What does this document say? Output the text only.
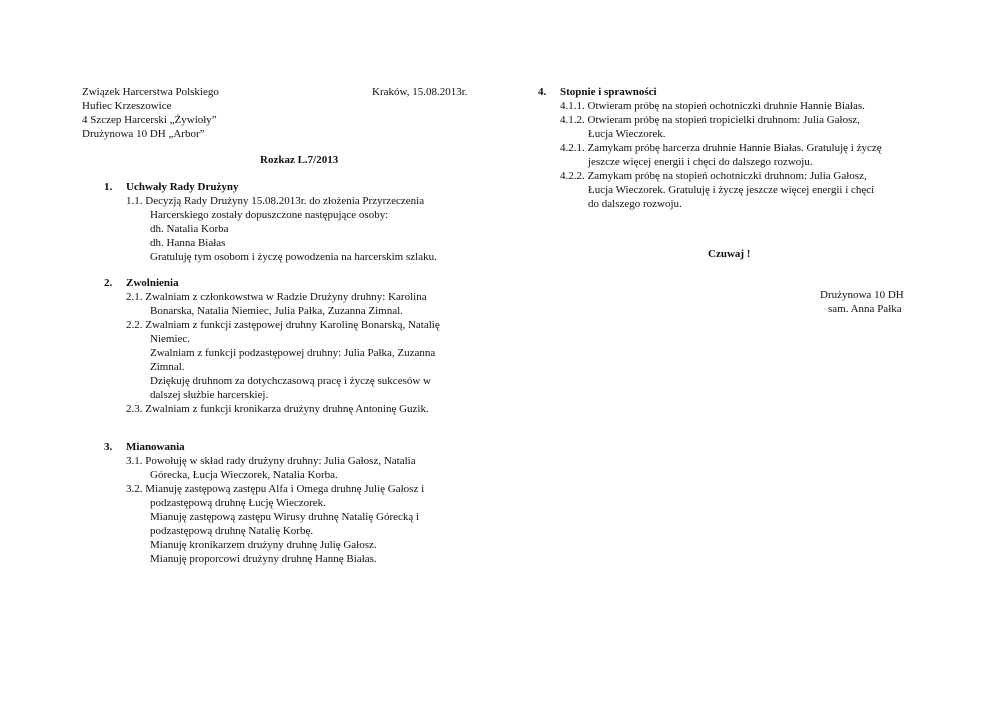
Związek Harcerstwa Polskiego
Hufiec Krzeszowice
4 Szczep Harcerski „Żywioły”
Drużynowa 10 DH „Arbor”
Kraków, 15.08.2013r.
Rozkaz L.7/2013
1. Uchwały Rady Drużyny
1.1. Decyzją Rady Drużyny 15.08.2013r. do złożenia Przyrzeczenia
Harcerskiego zostały dopuszczone następujące osoby:
dh. Natalia Korba
dh. Hanna Białas
Gratuluję tym osobom i życzę powodzenia na harcerskim szlaku.
2. Zwolnienia
2.1. Zwalniam z członkowstwa w Radzie Drużyny druhny: Karolina
Bonarska, Natalia Niemiec, Julia Pałka, Zuzanna Zimnal.
2.2. Zwalniam z funkcji zastępowej druhny Karolinę Bonarską, Natalię
Niemiec.
Zwalniam z funkcji podzastępowej druhny: Julia Pałka, Zuzanna
Zimnal.
Dziękuję druhnom za dotychczasową pracę i życzę sukcesów w
dalszej służbie harcerskiej.
2.3. Zwalniam z funkcji kronikarza drużyny druhnę Antoninę Guzik.
3. Mianowania
3.1. Powołuję w skład rady drużyny druhny: Julia Gałosz, Natalia
Górecka, Łucja Wieczorek, Natalia Korba.
3.2. Mianuję zastępową zastępu Alfa i Omega druhnę Julię Gałosz i
podzastępową druhnę Łucję Wieczorek.
Mianuję zastępową zastępu Wirusy druhnę Natalię Górecką i
podzastępową druhnę Natalię Korbę.
Mianuję kronikarzem drużyny druhnę Julię Gałosz.
Mianuję proporcowi drużyny druhnę Hannę Białas.
4. Stopnie i sprawności
4.1.1. Otwieram próbę na stopień ochotniczki druhnie Hannie Białas.
4.1.2. Otwieram próbę na stopień tropicielki druhnom: Julia Gałosz,
Łucja Wieczorek.
4.2.1. Zamykam próbę harcerza druhnie Hannie Białas. Gratuluję i życzę
jeszcze więcej energii i chęci do dalszego rozwoju.
4.2.2. Zamykam próbę na stopień ochotniczki druhnom: Julia Gałosz,
Łucja Wieczorek. Gratuluję i życzę jeszcze więcej energii i chęci
do dalszego rozwoju.
Czuwaj !
Drużynowa 10 DH
sam. Anna Pałka
